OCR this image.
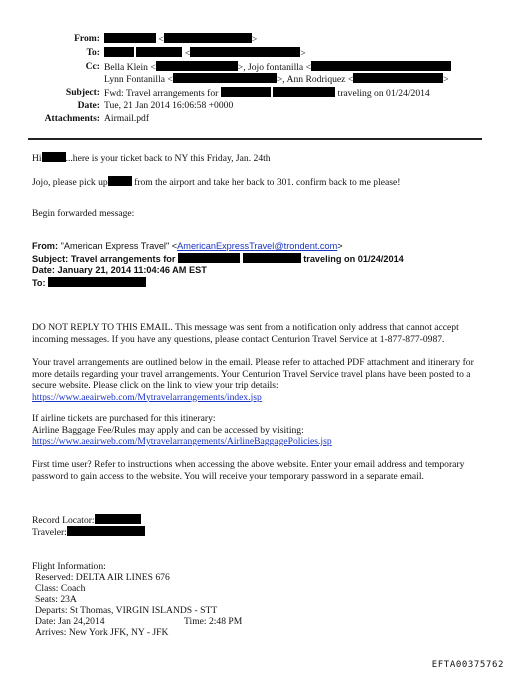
From:	<	>
To:	<	>
Cc: Bella Klein <	>, Jojo fontanilla <
Lynn Fontanilla <	>, Ann Rodriquez <	>
Subject: Fwd: Travel arrangements for	traveling on 01/24/2014
Date: Tue, 21 Jan 2014 16:06:58 +0000
Attachments: Airmail.pdf
Hi	...here is your ticket back to NY this Friday, Jan. 24th
Jojo, please pick up	from the airport and take her back to 301. confirm back to me please!
Begin forwarded message:
From: "American Express Travel" <AmericanExpressTravel@trondent.com>
Subject: Travel arrangements for	traveling on 01/24/2014
Date: January 21, 2014 11:04:46 AM EST
To:
DO NOT REPLY TO THIS EMAIL. This message was sent from a notification only address that cannot accept incoming messages. If you have any questions, please contact Centurion Travel Service at 1-877-877-0987.
Your travel arrangements are outlined below in the email. Please refer to attached PDF attachment and itinerary for more details regarding your travel arrangements. Your Centurion Travel Service travel plans have been posted to a secure website. Please click on the link to view your trip details:
https://www.aeairweb.com/Mytravelarrangements/index.jsp
If airline tickets are purchased for this itinerary:
Airline Baggage Fee/Rules may apply and can be accessed by visiting:
https://www.aeairweb.com/Mytravelarrangements/AirlineBaggagePolicies.jsp
First time user? Refer to instructions when accessing the above website. Enter your email address and temporary password to gain access to the website. You will receive your temporary password in a separate email.
Record Locator:
Traveler:
Flight Information:
Reserved: DELTA AIR LINES 676
Class: Coach
Seats: 23A
Departs: St Thomas, VIRGIN ISLANDS - STT
Date: Jan 24,2014	Time: 2:48 PM
Arrives: New York JFK, NY - JFK
EFTA00375762
